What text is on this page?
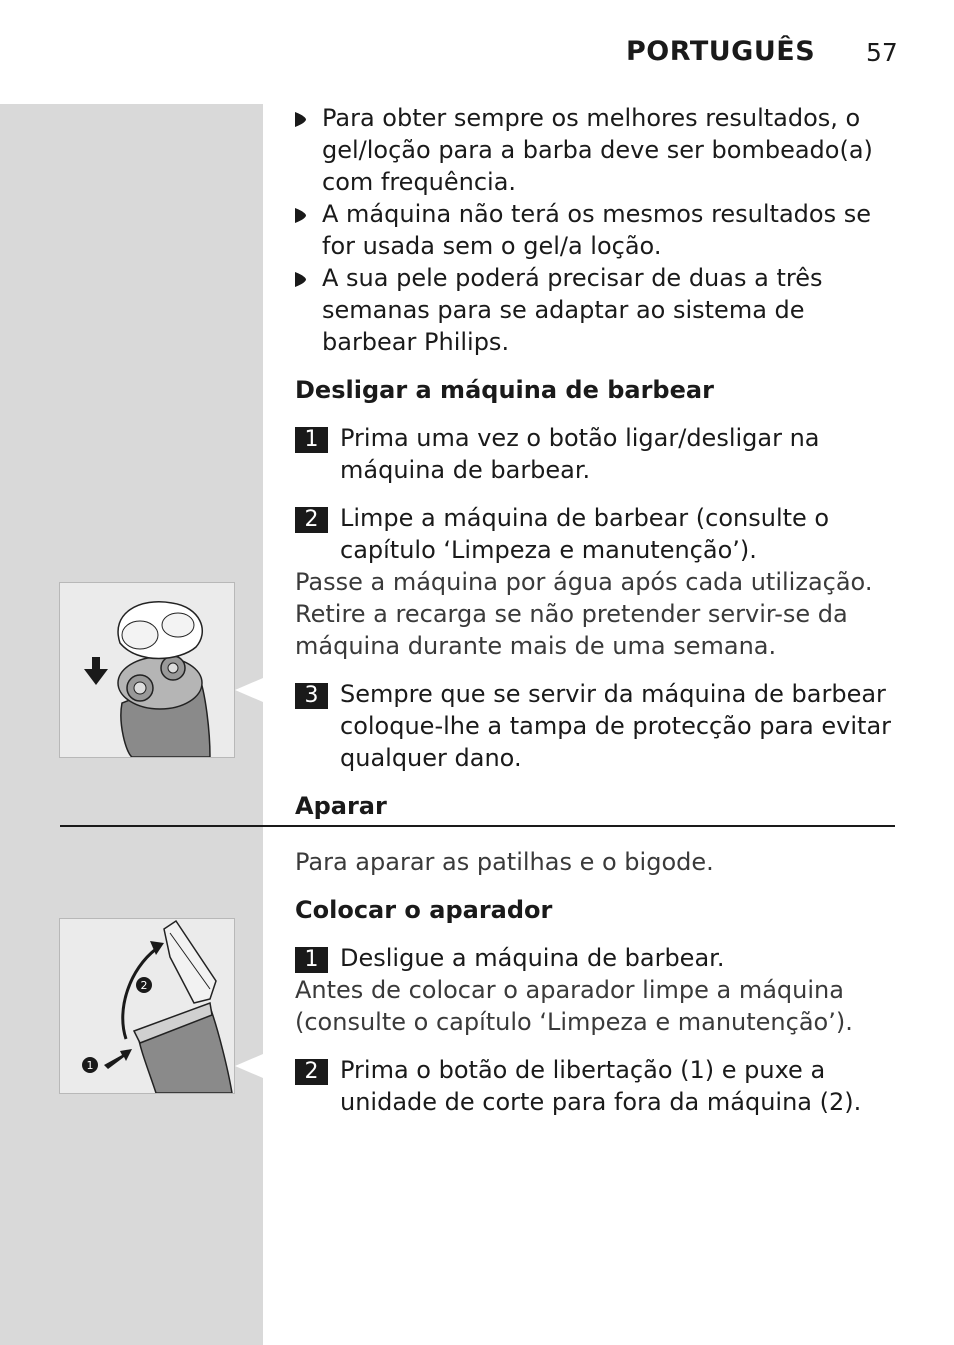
PORTUGUÊS 57
2
1
Para obter sempre os melhores resultados, o gel/loção para a barba deve ser bombeado(a) com frequência.
A máquina não terá os mesmos resultados se for usada sem o gel/a loção.
A sua pele poderá precisar de duas a três semanas para se adaptar ao sistema de barbear Philips.
Desligar a máquina de barbear
1 Prima uma vez o botão ligar/desligar na máquina de barbear.
2 Limpe a máquina de barbear (consulte o capítulo ‘Limpeza e manutenção’).
Passe a máquina por água após cada utilização. Retire a recarga se não pretender servir-se da máquina durante mais de uma semana.
3 Sempre que se servir da máquina de barbear coloque-lhe a tampa de protecção para evitar qualquer dano.
Aparar
Para aparar as patilhas e o bigode.
Colocar o aparador
1 Desligue a máquina de barbear.
Antes de colocar o aparador limpe a máquina (consulte o capítulo ‘Limpeza e manutenção’).
2 Prima o botão de libertação (1) e puxe a unidade de corte para fora da máquina (2).
